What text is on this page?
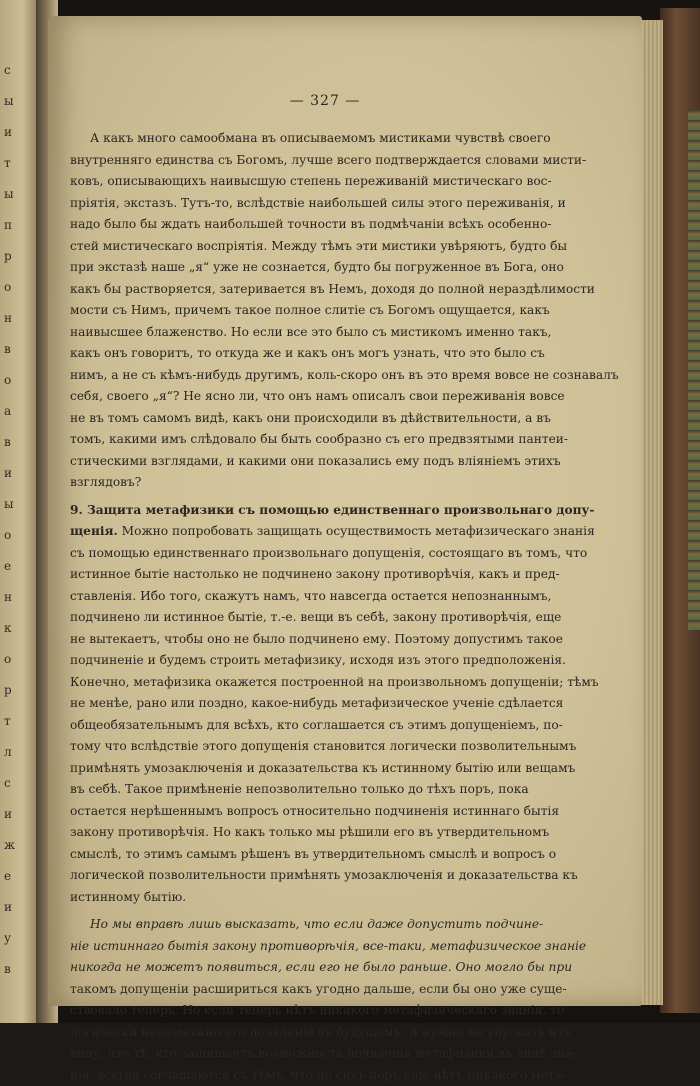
с
ы
и
т
ы
п
р
о
н
в
о
а
в
и
ы
о
е
н
к
о
р
т
л
с
и
ж
е
и
у
в
— 327 —
А какъ много самообмана въ описываемомъ мистиками чувствѣ своего
внутренняго единства съ Богомъ, лучше всего подтверждается словами мисти-
ковъ, описывающихъ наивысшую степень переживаній мистическаго вос-
пріятія, экстазъ. Тутъ-то, вслѣдствіе наибольшей силы этого переживанія, и
надо было бы ждать наибольшей точности въ подмѣчаніи всѣхъ особенно-
стей мистическаго воспріятія. Между тѣмъ эти мистики увѣряютъ, будто бы
при экстазѣ наше „я“ уже не сознается, будто бы погруженное въ Бога, оно
какъ бы растворяется, затеривается въ Немъ, доходя до полной нераздѣлимости
мости съ Нимъ, причемъ такое полное слитіе съ Богомъ ощущается, какъ
наивысшее блаженство. Но если все это было съ мистикомъ именно такъ,
какъ онъ говоритъ, то откуда же и какъ онъ могъ узнать, что это было съ
нимъ, а не съ кѣмъ-нибудь другимъ, коль-скоро онъ въ это время вовсе не сознавалъ
себя, своего „я“? Не ясно ли, что онъ намъ описалъ свои переживанія вовсе
не въ томъ самомъ видѣ, какъ они происходили въ дѣйствительности, а въ
томъ, какими имъ слѣдовало бы быть сообразно съ его предвзятыми пантеи-
стическими взглядами, и какими они показались ему подъ вліяніемъ этихъ
взглядовъ?
9. Защита метафизики съ помощью единственнаго произвольнаго допу-
щенія. Можно попробовать защищать осуществимость метафизическаго знанія
съ помощью единственнаго произвольнаго допущенія, состоящаго въ томъ, что
истинное бытіе настолько не подчинено закону противорѣчія, какъ и пред-
ставленія. Ибо того, скажутъ намъ, что навсегда остается непознаннымъ,
подчинено ли истинное бытіе, т.-е. вещи въ себѣ, закону противорѣчія, еще
не вытекаетъ, чтобы оно не было подчинено ему. Поэтому допустимъ такое
подчиненіе и будемъ строить метафизику, исходя изъ этого предположенія.
Конечно, метафизика окажется построенной на произвольномъ допущеніи; тѣмъ
не менѣе, рано или поздно, какое-нибудь метафизическое ученіе сдѣлается
общеобязательнымъ для всѣхъ, кто соглашается съ этимъ допущеніемъ, по-
тому что вслѣдствіе этого допущенія становится логически позволительнымъ
примѣнять умозаключенія и доказательства къ истинному бытію или вещамъ
въ себѣ. Такое примѣненіе непозволительно только до тѣхъ поръ, пока
остается нерѣшеннымъ вопросъ относительно подчиненія истиннаго бытія
закону противорѣчія. Но какъ только мы рѣшили его въ утвердительномъ
смыслѣ, то этимъ самымъ рѣшенъ въ утвердительномъ смыслѣ и вопросъ о
логической позволительности примѣнять умозаключенія и доказательства къ
истинному бытію.
Но мы вправѣ лишь высказать, что если даже допустить подчине-
ніе истиннаго бытія закону противорѣчія, все-таки, метафизическое знаніе
никогда не можетъ появиться, если его не было раньше. Оно могло бы при
такомъ допущеніи расшириться какъ угодно дальше, если бы оно уже суще-
ствовало теперь. Но если теперь нѣтъ никакого метафизическаго знанія, то
логически невозможно его появленіе въ будущемъ. А нужно не упускать изъ
виду, что тѣ, кто защищаетъ возможность появленія метафизики въ видѣ зна-
нія, всегда соглашаются съ тѣмъ, что до сихъ поръ еще нѣтъ никакого мета-
